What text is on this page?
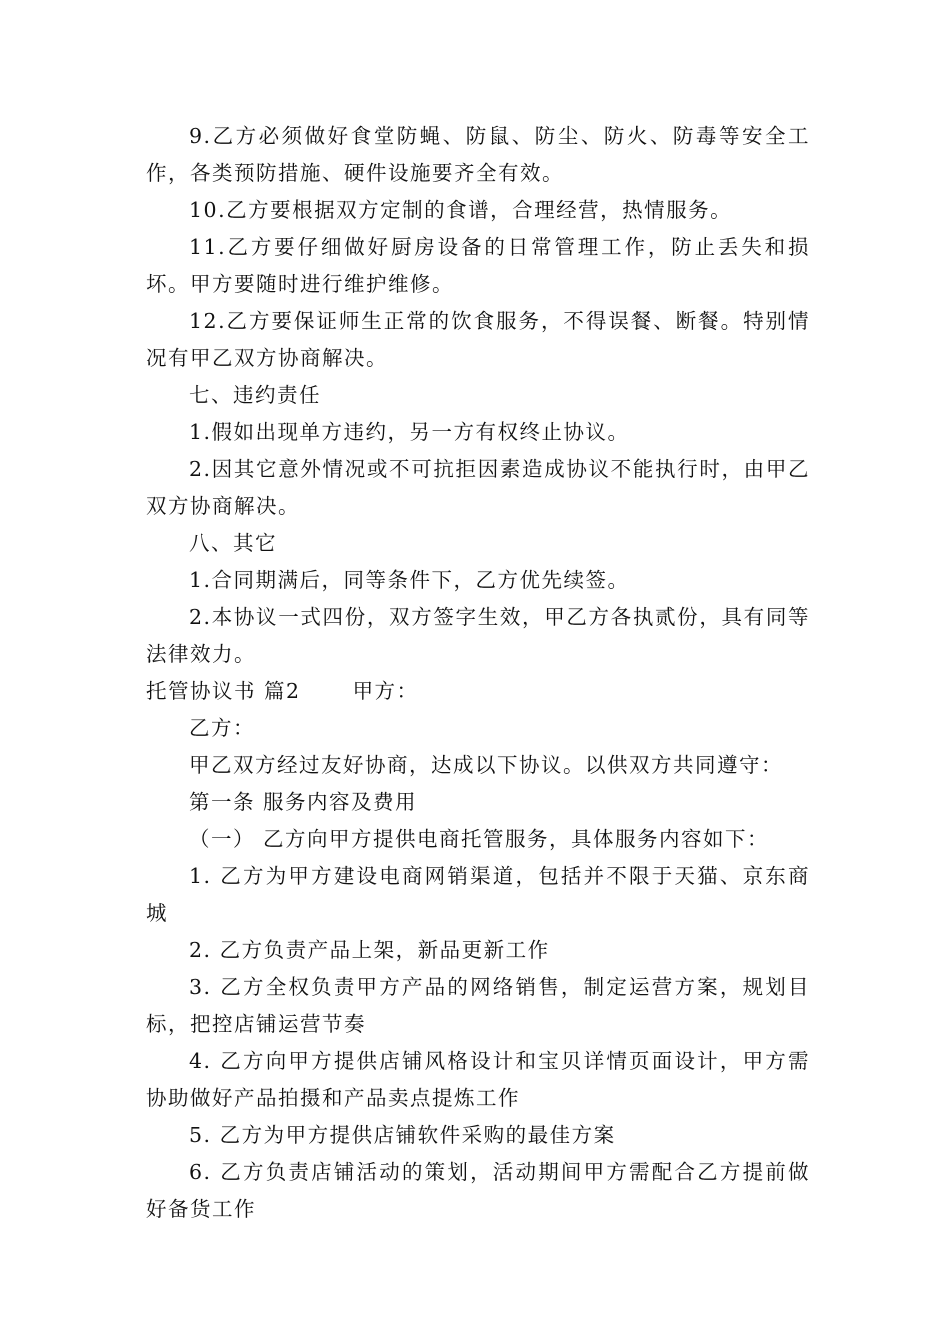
9.乙方必须做好食堂防蝇、防鼠、防尘、防火、防毒等安全工作，各类预防措施、硬件设施要齐全有效。

10.乙方要根据双方定制的食谱，合理经营，热情服务。

11.乙方要仔细做好厨房设备的日常管理工作，防止丢失和损坏。甲方要随时进行维护维修。

12.乙方要保证师生正常的饮食服务，不得误餐、断餐。特别情况有甲乙双方协商解决。

七、违约责任

1.假如出现单方违约，另一方有权终止协议。

2.因其它意外情况或不可抗拒因素造成协议不能执行时，由甲乙双方协商解决。

八、其它

1.合同期满后，同等条件下，乙方优先续签。

2.本协议一式四份，双方签字生效，甲乙方各执贰份，具有同等法律效力。

托管协议书 篇2	甲方：

乙方：

甲乙双方经过友好协商，达成以下协议。以供双方共同遵守：

第一条 服务内容及费用

（一） 乙方向甲方提供电商托管服务，具体服务内容如下：

1. 乙方为甲方建设电商网销渠道，包括并不限于天猫、京东商城

2. 乙方负责产品上架，新品更新工作

3. 乙方全权负责甲方产品的网络销售，制定运营方案，规划目标，把控店铺运营节奏

4. 乙方向甲方提供店铺风格设计和宝贝详情页面设计，甲方需协助做好产品拍摄和产品卖点提炼工作

5. 乙方为甲方提供店铺软件采购的最佳方案

6. 乙方负责店铺活动的策划，活动期间甲方需配合乙方提前做好备货工作
